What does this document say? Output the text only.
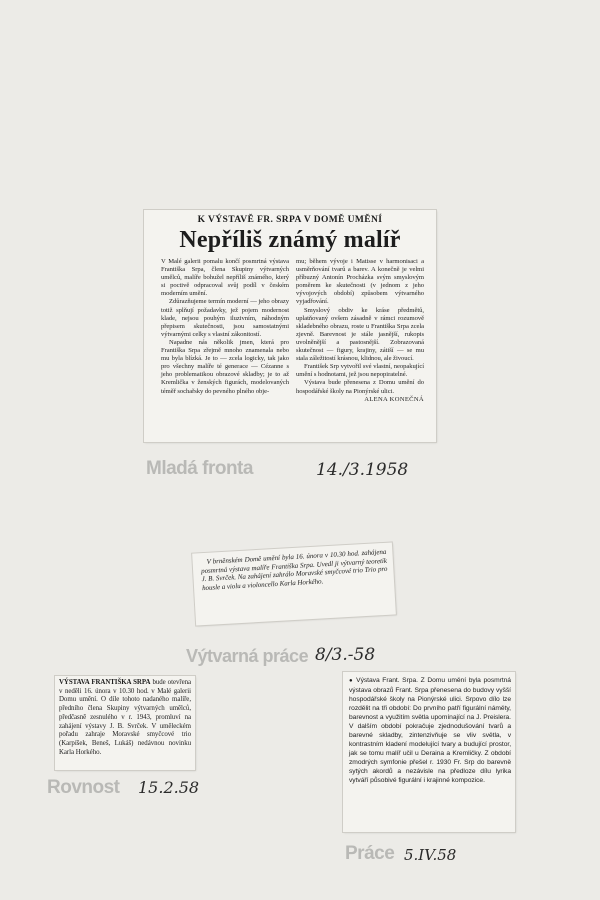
K VÝSTAVĚ FR. SRPA V DOMĚ UMĚNÍ
Nepříliš známý malíř

V Malé galerii pomalu končí posmrtná výstava Františka Srpa, člena Skupiny výtvarných umělců, malíře bohužel nepříliš známého, který si poctivě odpracoval svůj podíl v českém moderním umění.

Zdůrazňujeme termín moderní — jeho obrazy totiž splňují požadavky, jež pojem modernost klade, nejsou pouhým iluzivním, náhodným přepisem skutečnosti, jsou samostatnými výtvarnými celky s vlastní zákonitostí.

Napadne nás několik jmen, která pro Františka Srpa zřejmě mnoho znamenala nebo mu byla blízká. Je to — zcela logicky, tak jako pro všechny malíře té generace — Cézanne s jeho problematikou obrazové skladby; je to až Kremlička v ženských figurách, modelovaných téměř sochařsky do pevného plného obje-

mu; během vývoje i Matisse v harmonisaci a usměrňování tvarů a barev. A konečně je velmi příbuzný Antonín Procházka svým smyslovým poměrem ke skutečnosti (v jednom z jeho vývojových období) způsobem výtvarného vyjadřování.

Smyslový obdiv ke kráse předmětů, uplatňovaný ovšem zásadně v rámci rozumově skladebného obrazu, roste u Františka Srpa zcela zjevně. Barevnost je stále jasnější, rukopis uvolněnější a pastosnější. Zobrazovaná skutečnost — figury, krajiny, zátiší — se mu stala záležitostí krásnou, klidnou, ale živoucí.

František Srp vytvořil své vlastní, neopakující umění s hodnotami, jež jsou nepopiratelné.

Výstava bude přenesena z Domu umění do hospodářské školy na Pionýrské ulici.

ALENA KONEČNÁ
Mladá fronta	14./3.1958
V brněnském Domě umění byla 16. února v 10.30 hod. zahájena posmrtná výstava malíře Františka Srpa. Uvedl ji výtvarný teoretik J. B. Svrček. Na zahájení zahrálo Moravské smyčcové trio Trio pro housle a violu a violoncello Karla Horkého.
Výtvarná práce 8/3.-58
VÝSTAVA FRANTIŠKA SRPA bude otevřena v neděli 16. února v 10.30 hod. v Malé galerii Domu umění. O díle tohoto nadaného malíře, předního člena Skupiny výtvarných umělců, předčasně zesnulého v r. 1943, promluví na zahájení výstavy J. B. Svrček. V uměleckém pořadu zahraje Moravské smyčcové trio (Karpíšek, Beneš, Lukáš) nedávnou novinku Karla Horkého.
Rovnost 15.2.58
● Výstava Frant. Srpa. Z Domu umění byla posmrtná výstava obrazů Frant. Srpa přenesena do budovy vyšší hospodářské školy na Pionýrské ulici. Srpovo dílo lze rozdělit na tři období: Do prvního patří figurální náměty, barevnost a využitím světla upomínající na J. Preislera. V dalším období pokračuje zjednodušování tvarů a barevné skladby, zintenzivňuje se vliv světla, v kontrastním kladení modelující tvary a budující prostor, jak se tomu malíř učil u Deraina a Kremličky. Z období zmodrých symfonie přešel r. 1930 Fr. Srp do barevně sytých akordů a nezávisle na předloze dílu lyrika vytváří působivé figurální i krajinné kompozice.
Práce 5.IV.58
